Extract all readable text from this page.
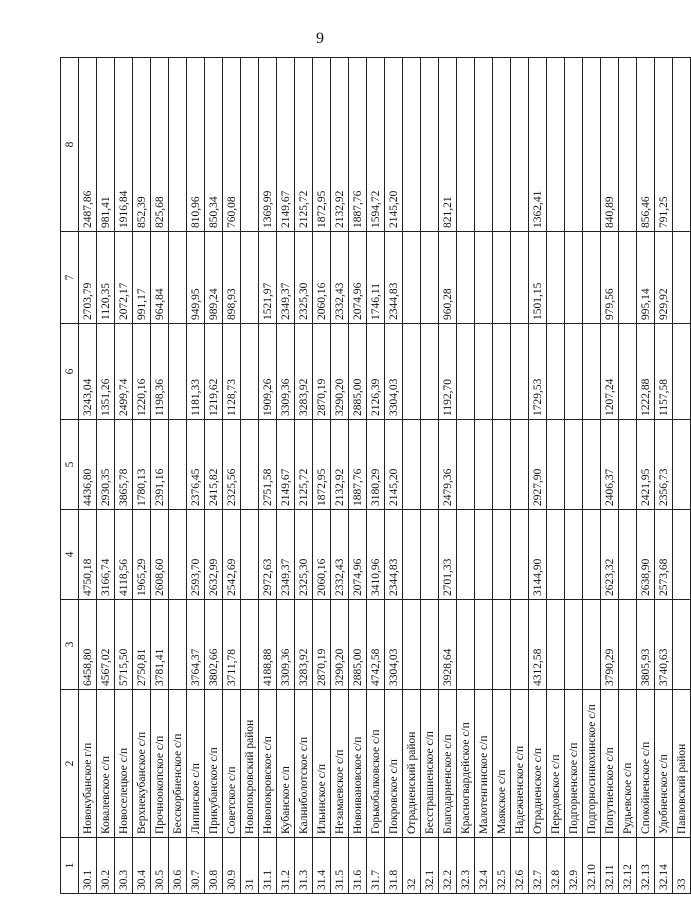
9
1	2	3	4	5	6	7	8
30.1	Новокубанское г/п	6458,80	4750,18	4436,80	3243,04	2703,79	2487,86
30.2	Ковалевское с/п	4567,02	3166,74	2930,35	1351,26	1120,35	981,41
30.3	Новоселецкое с/п	5715,50	4118,56	3865,78	2499,74	2072,17	1916,84
30.4	Верхнекубанское с/п	2750,81	1965,29	1780,13	1220,16	991,17	852,39
30.5	Прочноокопское с/п	3781,41	2608,60	2391,16	1198,36	964,84	825,68
30.6	Бесскорбненское с/п						
30.7	Липинское с/п	3764,37	2593,70	2376,45	1181,33	949,95	810,96
30.8	Прикубанское с/п	3802,66	2632,99	2415,82	1219,62	989,24	850,34
30.9	Советское с/п	3711,78	2542,69	2325,56	1128,73	898,93	760,08
31	Новопокровский район						
31.1	Новопокровское с/п	4188,88	2972,63	2751,58	1909,26	1521,97	1369,99
31.2	Кубанское с/п	3309,36	2349,37	2149,67	3309,36	2349,37	2149,67
31.3	Калниболотское с/п	3283,92	2325,30	2125,72	3283,92	2325,30	2125,72
31.4	Ильинское с/п	2870,19	2060,16	1872,95	2870,19	2060,16	1872,95
31.5	Незамаевское с/п	3290,20	2332,43	2132,92	3290,20	2332,43	2132,92
31.6	Новоивановское с/п	2885,00	2074,96	1887,76	2885,00	2074,96	1887,76
31.7	Горькобалковское с/п	4742,58	3410,96	3180,29	2126,39	1746,11	1594,72
31.8	Покровское с/п	3304,03	2344,83	2145,20	3304,03	2344,83	2145,20
32	Отрадненский район						
32.1	Бесстрашненское с/п						
32.2	Благодарненское с/п	3928,64	2701,33	2479,36	1192,70	960,28	821,21
32.3	Красногвардейское с/п						
32.4	Малотенгинское с/п						
32.5	Маякское с/п						
32.6	Надежненское с/п						
32.7	Отрадненское с/п	4312,58	3144,90	2927,90	1729,53	1501,15	1362,41
32.8	Передовское с/п						
32.9	Подгорненское с/п						
32.10	Подгорносинюхинское с/п						
32.11	Попутненское с/п	3790,29	2623,32	2406,37	1207,24	979,56	840,89
32.12	Рудьевское с/п						
32.13	Спокойненское с/п	3805,93	2638,90	2421,95	1222,88	995,14	856,46
32.14	Удобненское с/п	3740,63	2573,68	2356,73	1157,58	929,92	791,25
33	Павловский район						
